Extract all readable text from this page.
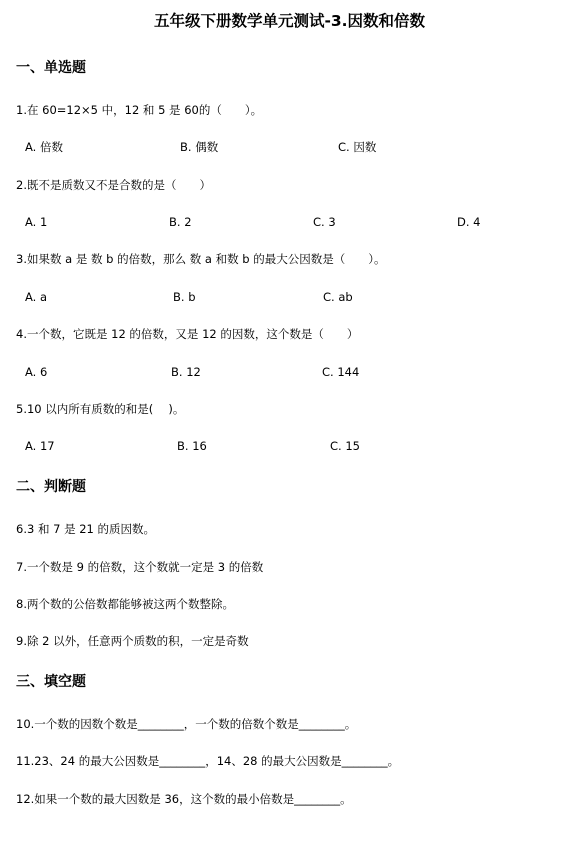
五年级下册数学单元测试-3.因数和倍数
一、单选题
1.在 60=12×5 中，12 和 5 是 60的（　　）。
A. 倍数	B. 偶数	C. 因数
2.既不是质数又不是合数的是（　　）
A. 1	B. 2	C. 3	D. 4
3.如果数 a 是 数 b 的倍数，那么 数 a 和数 b 的最大公因数是（　　）。
A. a	B. b	C. ab
4.一个数，它既是 12 的倍数，又是 12 的因数，这个数是（　　）
A. 6	B. 12	C. 144
5.10 以内所有质数的和是(　 )。
A. 17	B. 16	C. 15
二、判断题
6.3 和 7 是 21 的质因数。
7.一个数是 9 的倍数，这个数就一定是 3 的倍数
8.两个数的公倍数都能够被这两个数整除。
9.除 2 以外，任意两个质数的积，一定是奇数
三、填空题
10.一个数的因数个数是________，一个数的倍数个数是________。
11.23、24 的最大公因数是________，14、28 的最大公因数是________。
12.如果一个数的最大因数是 36，这个数的最小倍数是________。
